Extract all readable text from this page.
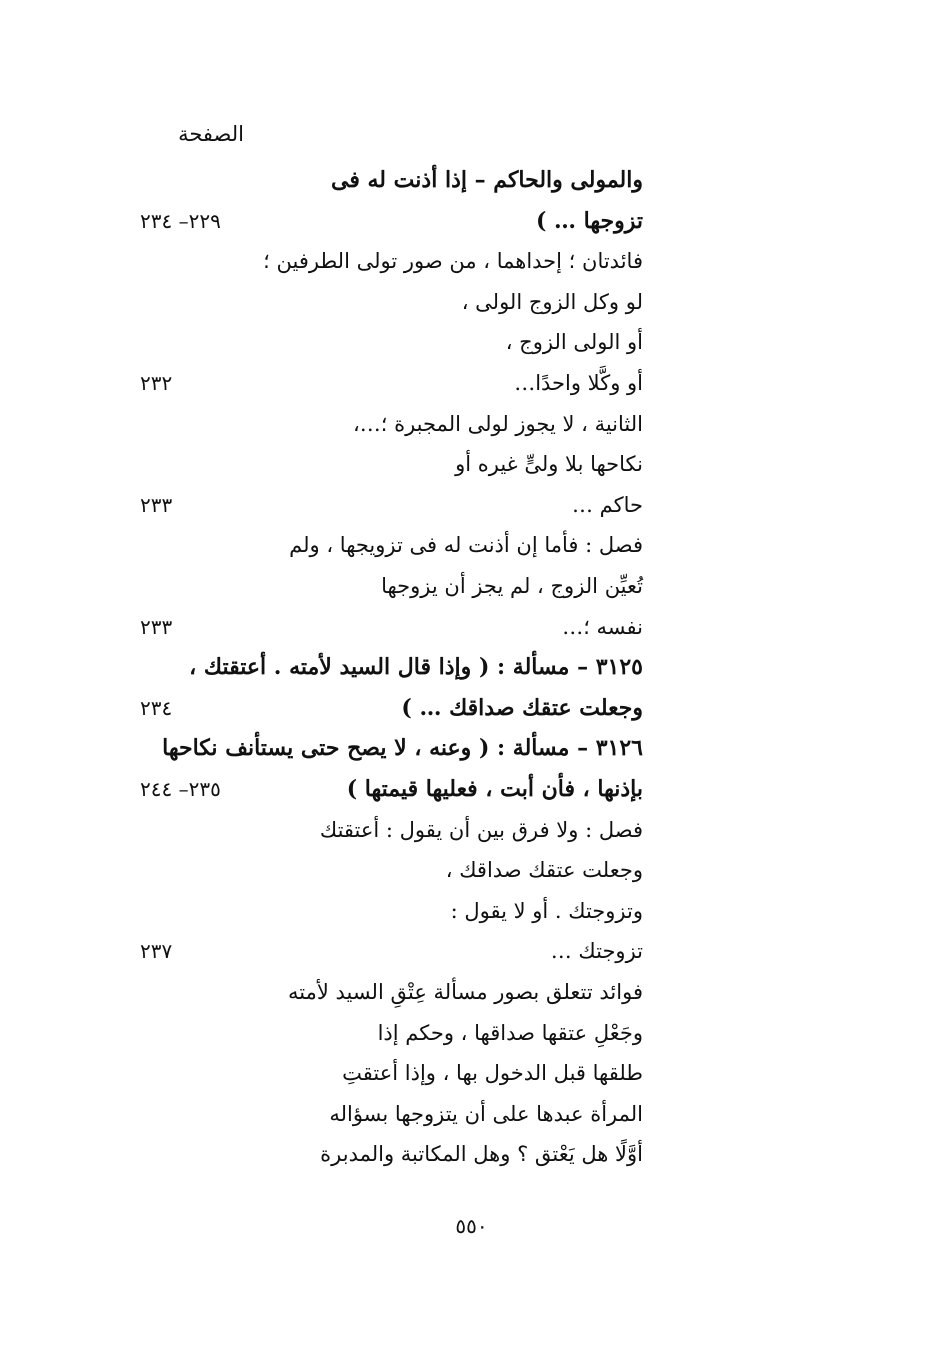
الصفحة
والمولى والحاكم – إذا أذنت له فى
تزوجها … )
٢٢٩– ٢٣٤
فائدتان ؛ إحداهما ، من صور تولى الطرفين ؛
لو وكل الزوج الولى ،
أو الولى الزوج ،
أو وكَّلا واحدًا…
٢٣٢
الثانية ، لا يجوز لولى المجبرة ؛…،
نكاحها بلا ولىٍّ غيره أو
حاكم …
٢٣٣
فصل : فأما إن أذنت له فى تزويجها ، ولم
تُعيِّن الزوج ، لم يجز أن يزوجها
نفسه ؛…
٢٣٣
٣١٢٥ – مسألة : ( وإذا قال السيد لأمته . أعتقتك ،
وجعلت عتقك صداقك … )
٢٣٤
٣١٢٦ – مسألة : ( وعنه ، لا يصح حتى يستأنف نكاحها
بإذنها ، فأن أبت ، فعليها قيمتها )
٢٣٥– ٢٤٤
فصل : ولا فرق بين أن يقول : أعتقتك
وجعلت عتقك صداقك ،
وتزوجتك . أو لا يقول :
تزوجتك …
٢٣٧
فوائد تتعلق بصور مسألة عِتْقِ السيد لأمته
وجَعْلِ عتقها صداقها ، وحكم إذا
طلقها قبل الدخول بها ، وإذا أعتقتِ
المرأة عبدها على أن يتزوجها بسؤاله
أوَّلًا هل يَعْتق ؟ وهل المكاتبة والمدبرة
٥٥٠
